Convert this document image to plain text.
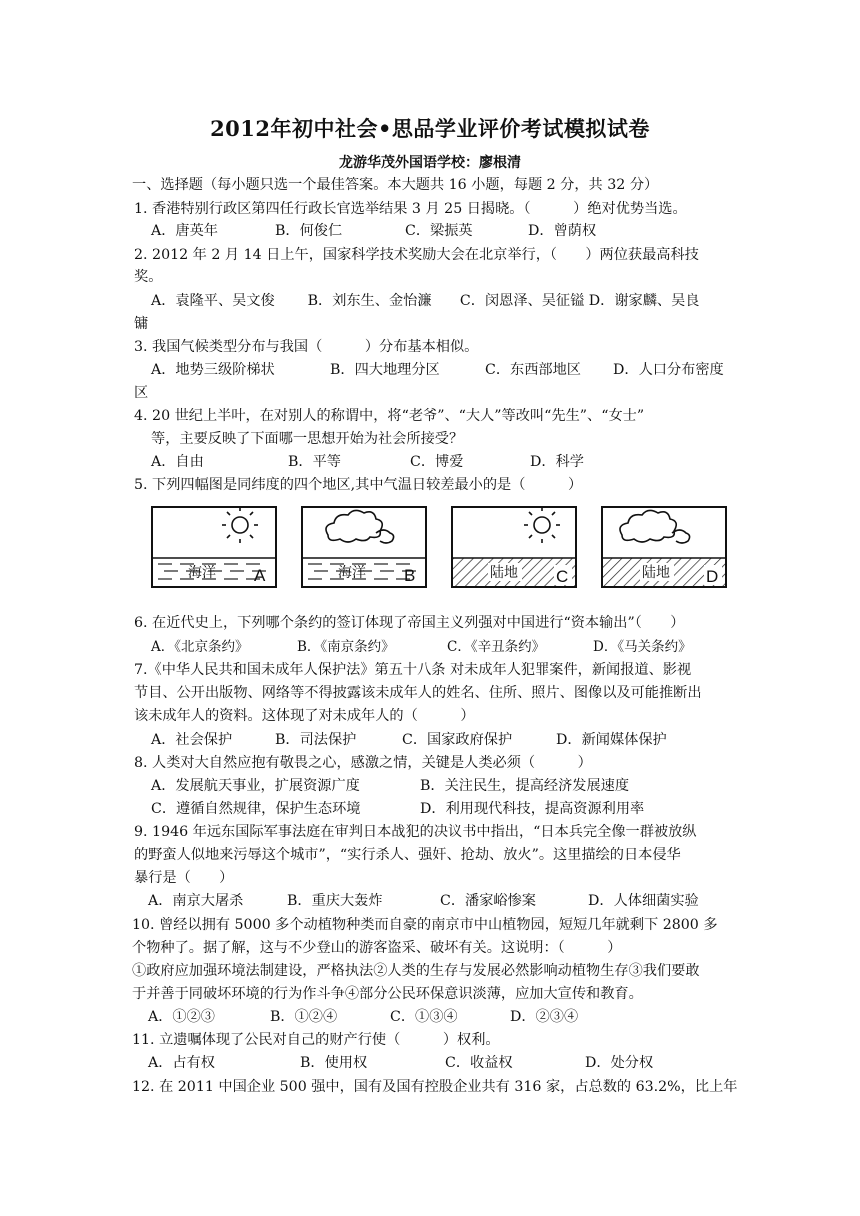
2012年初中社会•思品学业评价考试模拟试卷
龙游华茂外国语学校：廖根清
一、选择题（每小题只选一个最佳答案。本大题共 16 小题，每题 2 分，共 32 分）
1. 香港特别行政区第四任行政长官选举结果 3 月 25 日揭晓。（　　　）绝对优势当选。
A．唐英年	B．何俊仁	C．梁振英	D．曾荫权
2. 2012 年 2 月 14 日上午，国家科学技术奖励大会在北京举行，（　　）两位获最高科技
奖。
A．袁隆平、吴文俊　　 B．刘东生、金怡濂　　C．闵恩泽、吴征镒 D．谢家麟、吴良
镛
3. 我国气候类型分布与我国（　　　）分布基本相似。
A．地势三级阶梯状	B．四大地理分区	C．东西部地区 D．人口分布密度
区
4. 20 世纪上半叶，在对别人的称谓中，将“老爷”、“大人”等改叫“先生”、“女士”
等，主要反映了下面哪一思想开始为社会所接受？
A．自由	B．平等	C．博爱	D．科学
5. 下列四幅图是同纬度的四个地区,其中气温日较差最小的是（　　　）
海洋 A	海洋 B	陆地 C	陆地 D
6. 在近代史上，下列哪个条约的签订体现了帝国主义列强对中国进行“资本输出”（　　）
A．《北京条约》	B．《南京条约》	C．《辛丑条约》	D．《马关条约》
7.《中华人民共和国未成年人保护法》第五十八条 对未成年人犯罪案件，新闻报道、影视
节目、公开出版物、网络等不得披露该未成年人的姓名、住所、照片、图像以及可能推断出
该未成年人的资料。这体现了对未成年人的（　　　）
A．社会保护	B．司法保护	C．国家政府保护	D．新闻媒体保护
8. 人类对大自然应抱有敬畏之心，感激之情，关键是人类必须（　　　）
A．发展航天事业，扩展资源广度	B．关注民生，提高经济发展速度
C．遵循自然规律，保护生态环境	D．利用现代科技，提高资源利用率
9. 1946 年远东国际军事法庭在审判日本战犯的决议书中指出，“日本兵完全像一群被放纵
的野蛮人似地来污辱这个城市”，“实行杀人、强奸、抢劫、放火”。这里描绘的日本侵华
暴行是（　　）
A．南京大屠杀	B．重庆大轰炸	C．潘家峪惨案	D．人体细菌实验
10. 曾经以拥有 5000 多个动植物种类而自豪的南京市中山植物园，短短几年就剩下 2800 多
个物种了。据了解，这与不少登山的游客盗采、破坏有关。这说明：（　　　）
①政府应加强环境法制建设，严格执法②人类的生存与发展必然影响动植物生存③我们要敢
于并善于同破坏环境的行为作斗争④部分公民环保意识淡薄，应加大宣传和教育。
A．①②③	B．①②④	C．①③④	D．②③④
11. 立遗嘱体现了公民对自己的财产行使（　　　）权利。
A．占有权	B．使用权	C．收益权	D．处分权
12. 在 2011 中国企业 500 强中，国有及国有控股企业共有 316 家，占总数的 63.2%，比上年
